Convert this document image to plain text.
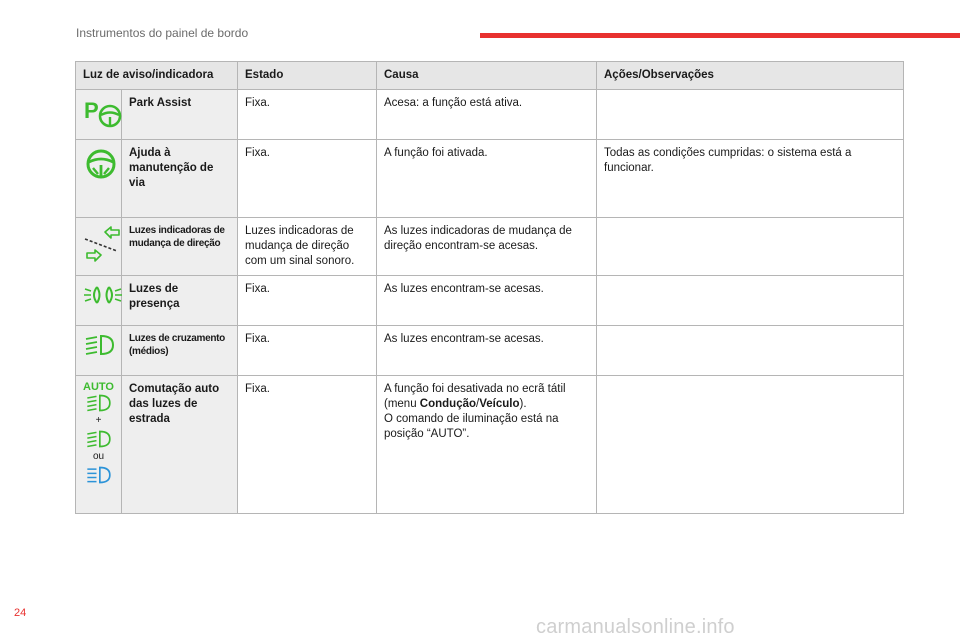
Instrumentos do painel de bordo
Luz de aviso/indicadora		Estado	Causa	Ações/Observações

P	Park Assist	Fixa.	Acesa: a função está ativa.	

	Ajuda à manutenção de via	Fixa.	A função foi ativada.	Todas as condições cumpridas: o sistema está a funcionar.

	Luzes indicadoras de mudança de direção	Luzes indicadoras de mudança de direção com um sinal sonoro.	As luzes indicadoras de mudança de direção encontram-se acesas.	

	Luzes de presença	Fixa.	As luzes encontram-se acesas.	

	Luzes de cruzamento (médios)	Fixa.	As luzes encontram-se acesas.	

AUTO
+
ou	Comutação auto das luzes de estrada	Fixa.	A função foi desativada no ecrã tátil (menu Condução/Veículo).
O comando de iluminação está na posição “AUTO”.	
24
carmanualsonline.info
